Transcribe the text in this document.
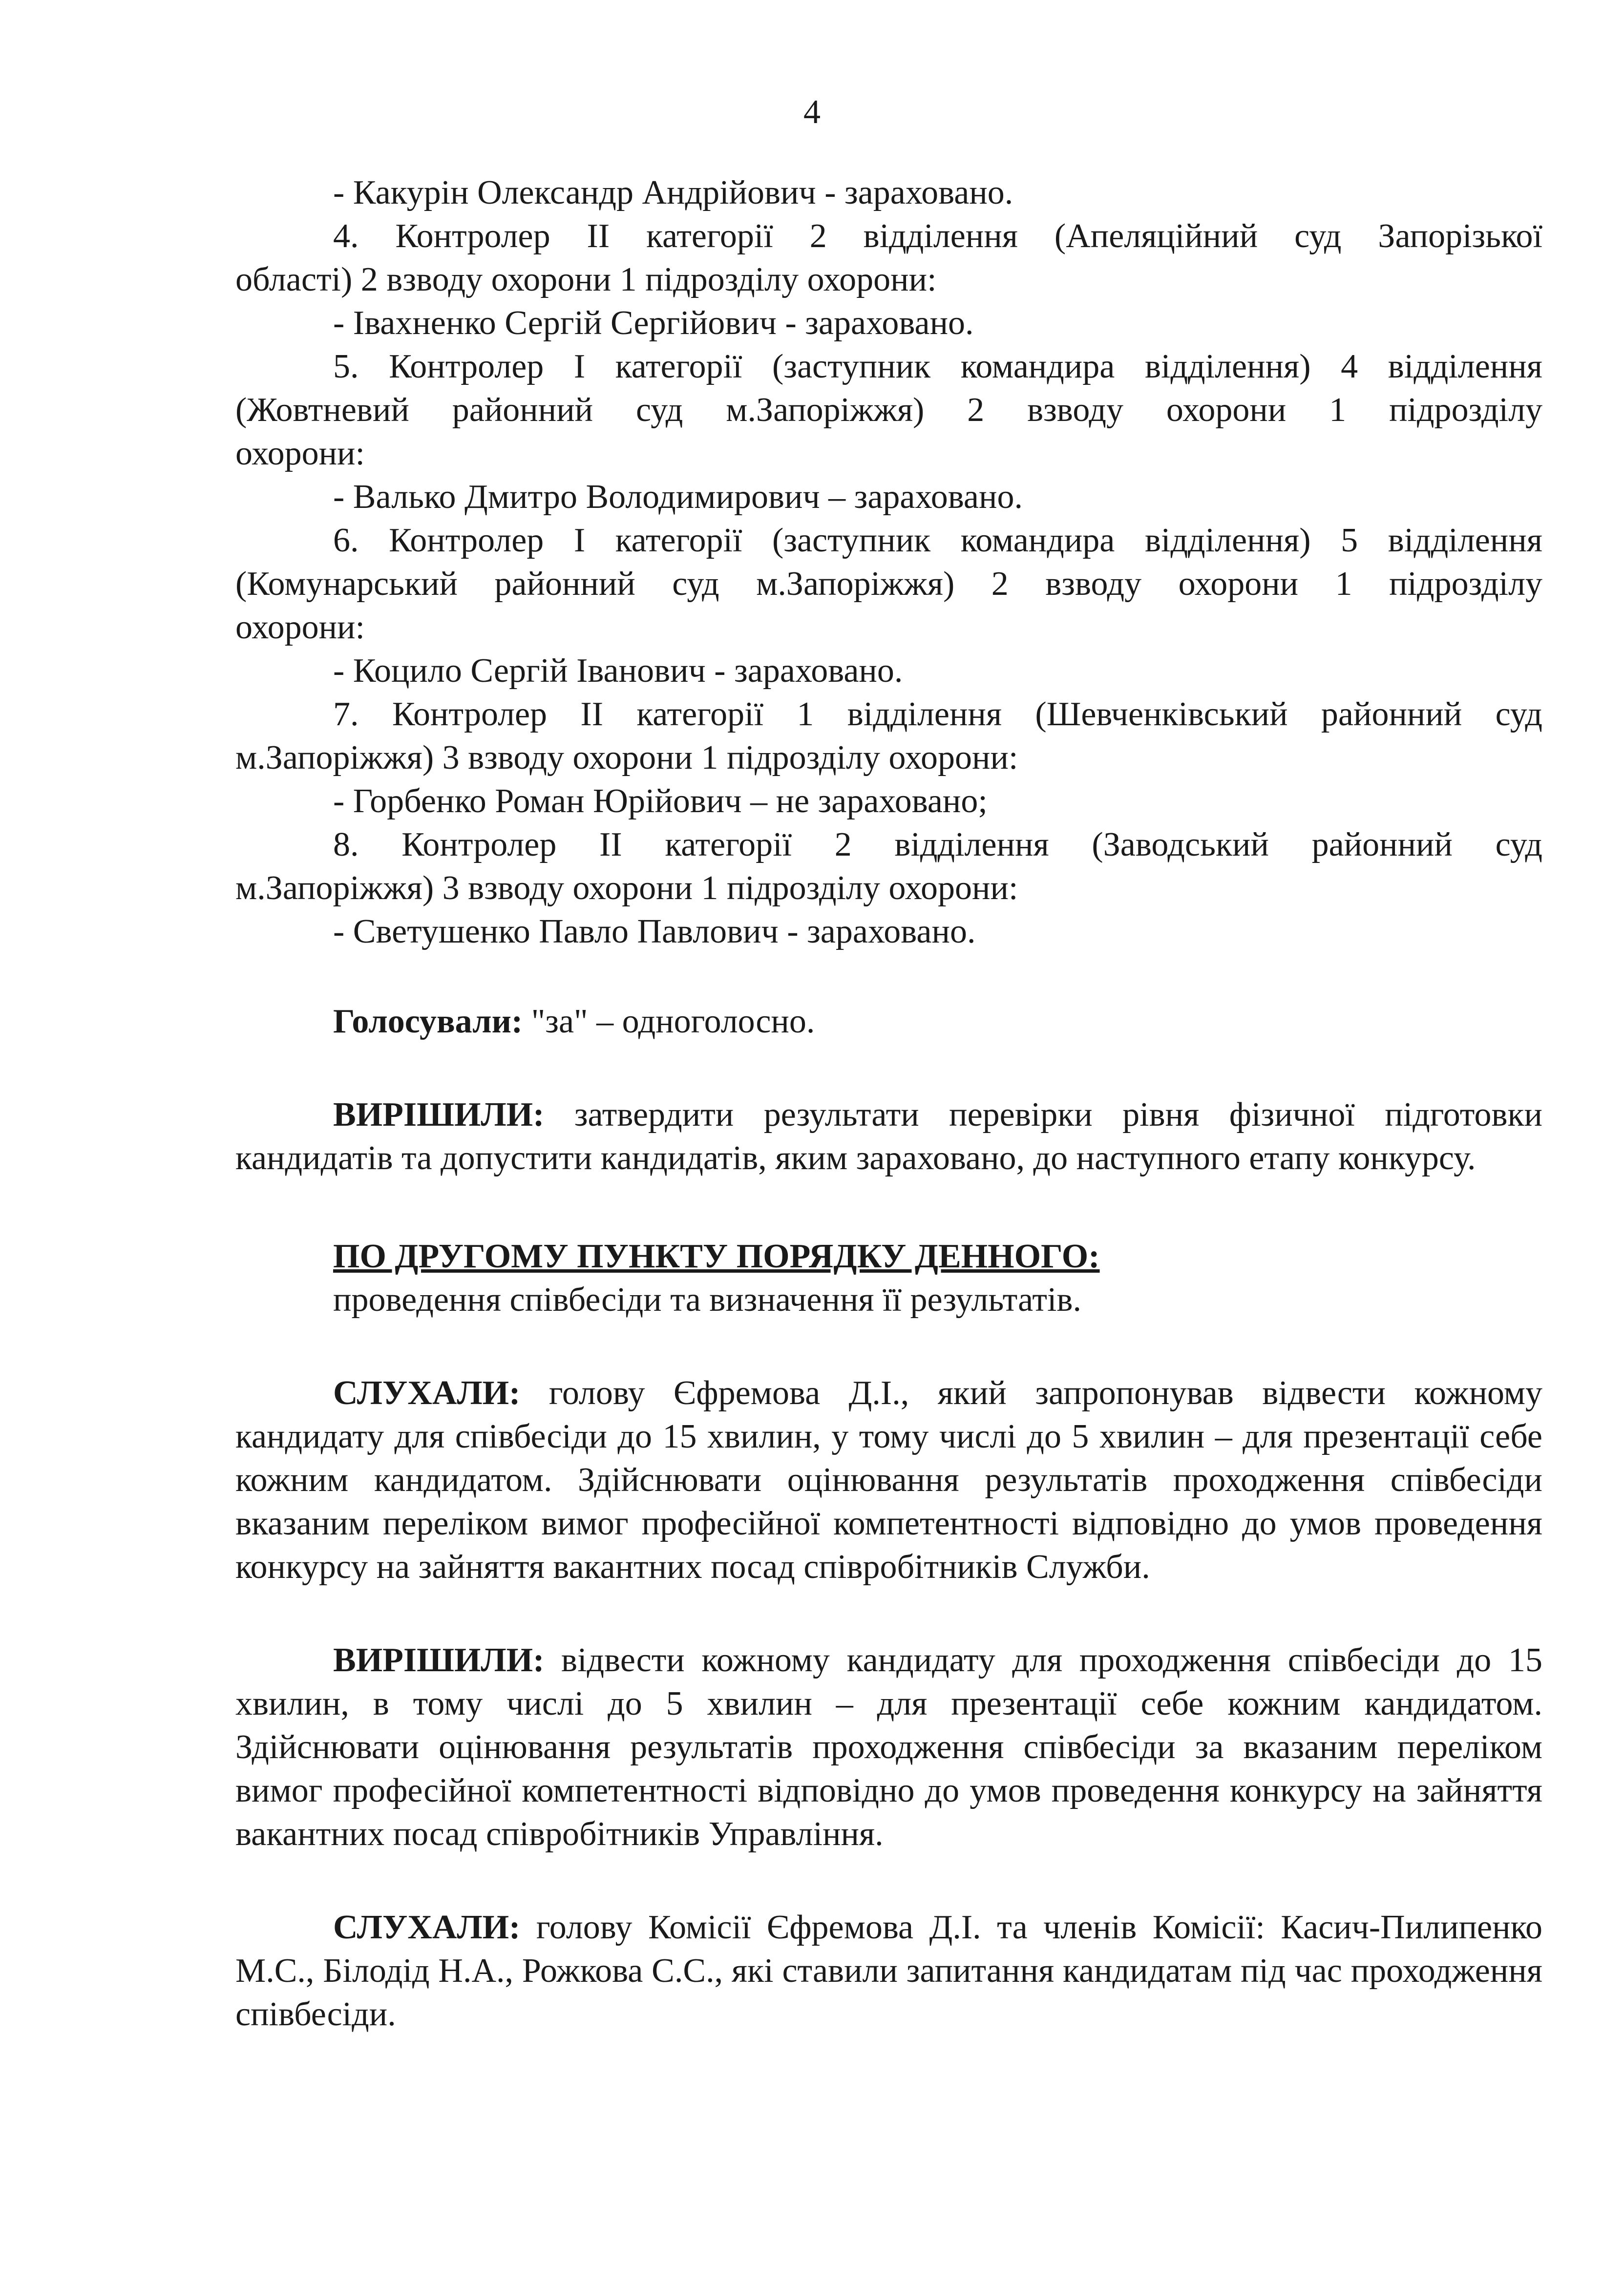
4
- Какурін Олександр Андрійович - зараховано.
4. Контролер ІІ категорії 2 відділення (Апеляційний суд Запорізької
області) 2 взводу охорони 1 підрозділу охорони:
- Івахненко Сергій Сергійович - зараховано.
5. Контролер І категорії (заступник командира відділення) 4 відділення
(Жовтневий районний суд м.Запоріжжя) 2 взводу охорони 1 підрозділу
охорони:
- Валько Дмитро Володимирович – зараховано.
6. Контролер І категорії (заступник командира відділення) 5 відділення
(Комунарський районний суд м.Запоріжжя) 2 взводу охорони 1 підрозділу
охорони:
- Коцило Сергій Іванович - зараховано.
7. Контролер ІІ категорії 1 відділення (Шевченківський районний суд
м.Запоріжжя) 3 взводу охорони 1 підрозділу охорони:
- Горбенко Роман Юрійович – не зараховано;
8. Контролер ІІ категорії 2 відділення (Заводський районний суд
м.Запоріжжя) 3 взводу охорони 1 підрозділу охорони:
- Светушенко Павло Павлович - зараховано.
Голосували: "за" – одноголосно.
ВИРІШИЛИ: затвердити результати перевірки рівня фізичної підготовки кандидатів та допустити кандидатів, яким зараховано, до наступного етапу конкурсу.
ПО ДРУГОМУ ПУНКТУ ПОРЯДКУ ДЕННОГО:
проведення співбесіди та визначення її результатів.
СЛУХАЛИ: голову Єфремова Д.І., який запропонував відвести кожному кандидату для співбесіди до 15 хвилин, у тому числі до 5 хвилин – для презентації себе кожним кандидатом. Здійснювати оцінювання результатів проходження співбесіди вказаним переліком вимог професійної компетентності відповідно до умов проведення конкурсу на зайняття вакантних посад співробітників Служби.
ВИРІШИЛИ: відвести кожному кандидату для проходження співбесіди до 15 хвилин, в тому числі до 5 хвилин – для презентації себе кожним кандидатом. Здійснювати оцінювання результатів проходження співбесіди за вказаним переліком вимог професійної компетентності відповідно до умов проведення конкурсу на зайняття вакантних посад співробітників Управління.
СЛУХАЛИ: голову Комісії Єфремова Д.І. та членів Комісії: Касич-Пилипенко М.С., Білодід Н.А., Рожкова С.С., які ставили запитання кандидатам під час проходження співбесіди.
